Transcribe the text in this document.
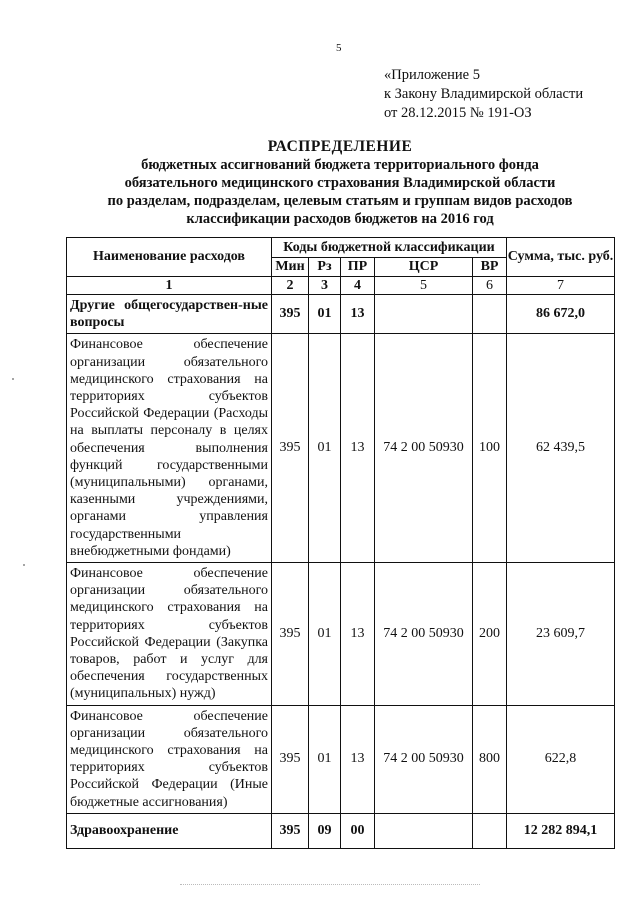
5
«Приложение 5
к Закону Владимирской области
от 28.12.2015 № 191-ОЗ
РАСПРЕДЕЛЕНИЕ
бюджетных ассигнований бюджета территориального фонда
обязательного медицинского страхования Владимирской области
по разделам, подразделам, целевым статьям и группам видов расходов
классификации расходов бюджетов на 2016 год
Наименование расходов	Коды бюджетной классификации					Сумма, тыс. руб.
	Мин	Рз	ПР	ЦСР	ВР	
1	2	3	4	5	6	7
Другие общегосударствен-ные вопросы	395	01	13			86 672,0
Финансовое обеспечение организации обязательного медицинского страхования на территориях субъектов Российской Федерации (Расходы на выплаты персоналу в целях обеспечения выполнения функций государственными (муниципальными) органами, казенными учреждениями, органами управления государственными внебюджетными фондами)	395	01	13	74 2 00 50930	100	62 439,5
Финансовое обеспечение организации обязательного медицинского страхования на территориях субъектов Российской Федерации (Закупка товаров, работ и услуг для обеспечения государственных (муниципальных) нужд)	395	01	13	74 2 00 50930	200	23 609,7
Финансовое обеспечение организации обязательного медицинского страхования на территориях субъектов Российской Федерации (Иные бюджетные ассигнования)	395	01	13	74 2 00 50930	800	622,8
Здравоохранение	395	09	00			12 282 894,1
